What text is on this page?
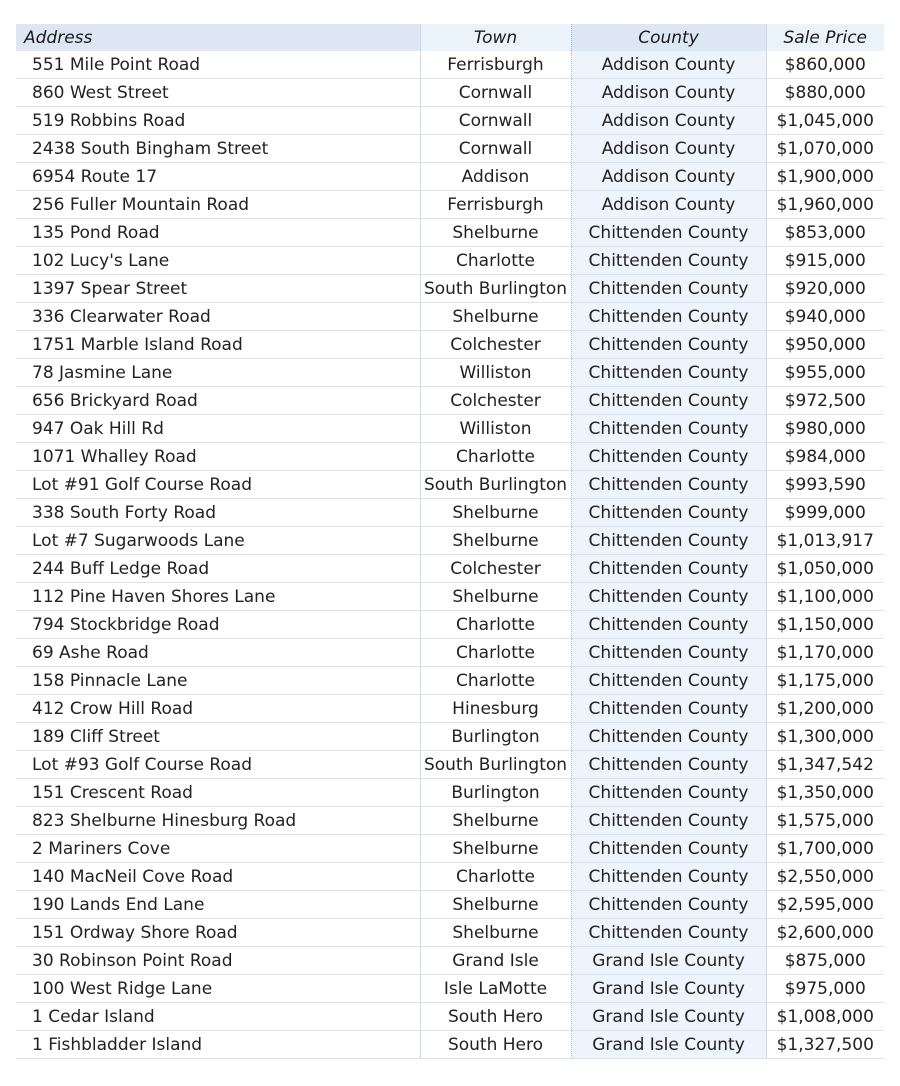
Address	Town	County	Sale Price
551 Mile Point Road	Ferrisburgh	Addison County	$860,000
860 West Street	Cornwall	Addison County	$880,000
519 Robbins Road	Cornwall	Addison County	$1,045,000
2438 South Bingham Street	Cornwall	Addison County	$1,070,000
6954 Route 17	Addison	Addison County	$1,900,000
256 Fuller Mountain Road	Ferrisburgh	Addison County	$1,960,000
135 Pond Road	Shelburne	Chittenden County	$853,000
102 Lucy's Lane	Charlotte	Chittenden County	$915,000
1397 Spear Street	South Burlington	Chittenden County	$920,000
336 Clearwater Road	Shelburne	Chittenden County	$940,000
1751 Marble Island Road	Colchester	Chittenden County	$950,000
78 Jasmine Lane	Williston	Chittenden County	$955,000
656 Brickyard Road	Colchester	Chittenden County	$972,500
947 Oak Hill Rd	Williston	Chittenden County	$980,000
1071 Whalley Road	Charlotte	Chittenden County	$984,000
Lot #91 Golf Course Road	South Burlington	Chittenden County	$993,590
338 South Forty Road	Shelburne	Chittenden County	$999,000
Lot #7 Sugarwoods Lane	Shelburne	Chittenden County	$1,013,917
244 Buff Ledge Road	Colchester	Chittenden County	$1,050,000
112 Pine Haven Shores Lane	Shelburne	Chittenden County	$1,100,000
794 Stockbridge Road	Charlotte	Chittenden County	$1,150,000
69 Ashe Road	Charlotte	Chittenden County	$1,170,000
158 Pinnacle Lane	Charlotte	Chittenden County	$1,175,000
412 Crow Hill Road	Hinesburg	Chittenden County	$1,200,000
189 Cliff Street	Burlington	Chittenden County	$1,300,000
Lot #93 Golf Course Road	South Burlington	Chittenden County	$1,347,542
151 Crescent Road	Burlington	Chittenden County	$1,350,000
823 Shelburne Hinesburg Road	Shelburne	Chittenden County	$1,575,000
2 Mariners Cove	Shelburne	Chittenden County	$1,700,000
140 MacNeil Cove Road	Charlotte	Chittenden County	$2,550,000
190 Lands End Lane	Shelburne	Chittenden County	$2,595,000
151 Ordway Shore Road	Shelburne	Chittenden County	$2,600,000
30 Robinson Point Road	Grand Isle	Grand Isle County	$875,000
100 West Ridge Lane	Isle LaMotte	Grand Isle County	$975,000
1 Cedar Island	South Hero	Grand Isle County	$1,008,000
1 Fishbladder Island	South Hero	Grand Isle County	$1,327,500
